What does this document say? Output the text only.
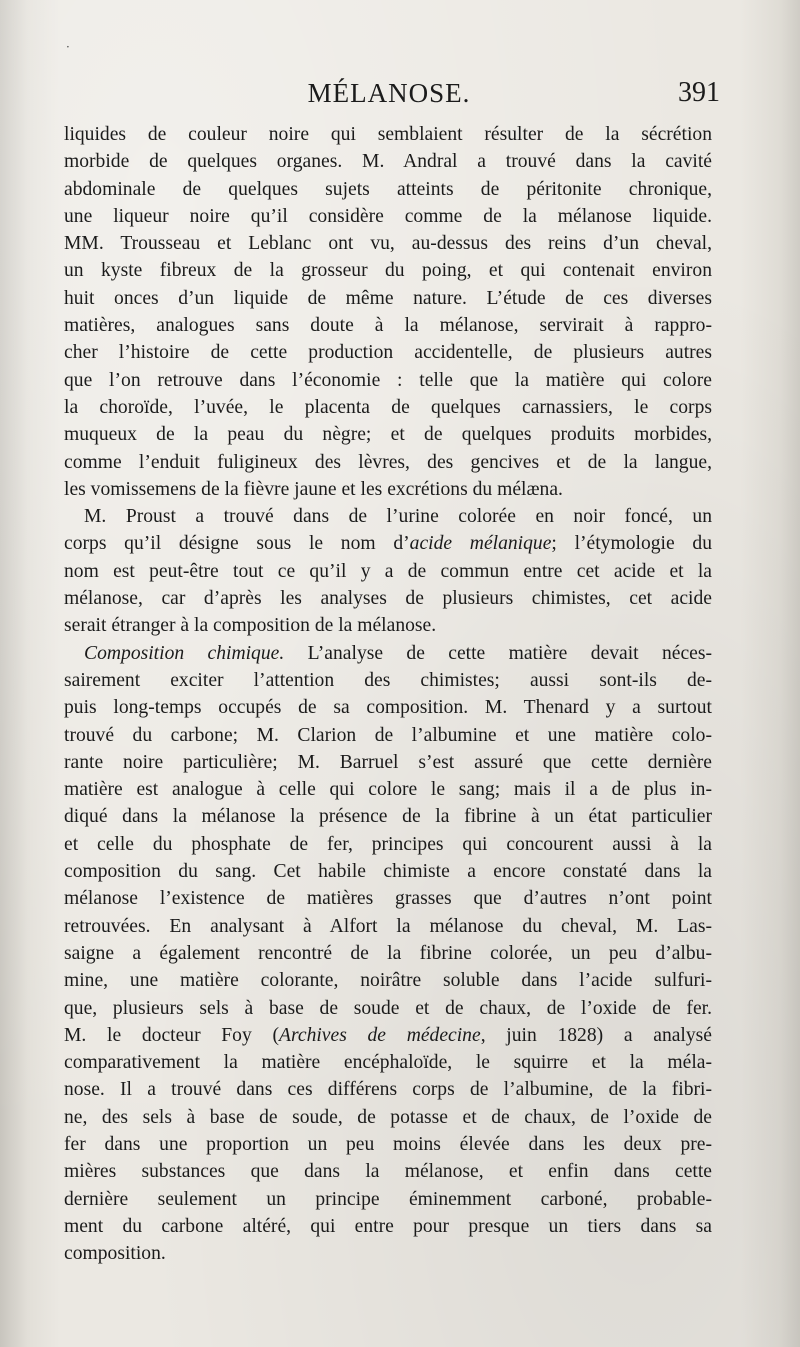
·
MÉLANOSE.	391
liquides de couleur noire qui semblaient résulter de la sécrétion
morbide de quelques organes. M. Andral a trouvé dans la cavité
abdominale de quelques sujets atteints de péritonite chronique,
une liqueur noire qu’il considère comme de la mélanose liquide.
MM. Trousseau et Leblanc ont vu, au-dessus des reins d’un cheval,
un kyste fibreux de la grosseur du poing, et qui contenait environ
huit onces d’un liquide de même nature. L’étude de ces diverses
matières, analogues sans doute à la mélanose, servirait à rappro-
cher l’histoire de cette production accidentelle, de plusieurs autres
que l’on retrouve dans l’économie : telle que la matière qui colore
la choroïde, l’uvée, le placenta de quelques carnassiers, le corps
muqueux de la peau du nègre; et de quelques produits morbides,
comme l’enduit fuligineux des lèvres, des gencives et de la langue,
les vomissemens de la fièvre jaune et les excrétions du mélæna.
M. Proust a trouvé dans de l’urine colorée en noir foncé, un
corps qu’il désigne sous le nom d’acide mélanique; l’étymologie du
nom est peut-être tout ce qu’il y a de commun entre cet acide et la
mélanose, car d’après les analyses de plusieurs chimistes, cet acide
serait étranger à la composition de la mélanose.
Composition chimique. L’analyse de cette matière devait néces-
sairement exciter l’attention des chimistes; aussi sont-ils de-
puis long-temps occupés de sa composition. M. Thenard y a surtout
trouvé du carbone; M. Clarion de l’albumine et une matière colo-
rante noire particulière; M. Barruel s’est assuré que cette dernière
matière est analogue à celle qui colore le sang; mais il a de plus in-
diqué dans la mélanose la présence de la fibrine à un état particulier
et celle du phosphate de fer, principes qui concourent aussi à la
composition du sang. Cet habile chimiste a encore constaté dans la
mélanose l’existence de matières grasses que d’autres n’ont point
retrouvées. En analysant à Alfort la mélanose du cheval, M. Las-
saigne a également rencontré de la fibrine colorée, un peu d’albu-
mine, une matière colorante, noirâtre soluble dans l’acide sulfuri-
que, plusieurs sels à base de soude et de chaux, de l’oxide de fer.
M. le docteur Foy (Archives de médecine, juin 1828) a analysé
comparativement la matière encéphaloïde, le squirre et la méla-
nose. Il a trouvé dans ces différens corps de l’albumine, de la fibri-
ne, des sels à base de soude, de potasse et de chaux, de l’oxide de
fer dans une proportion un peu moins élevée dans les deux pre-
mières substances que dans la mélanose, et enfin dans cette
dernière seulement un principe éminemment carboné, probable-
ment du carbone altéré, qui entre pour presque un tiers dans sa
composition.
